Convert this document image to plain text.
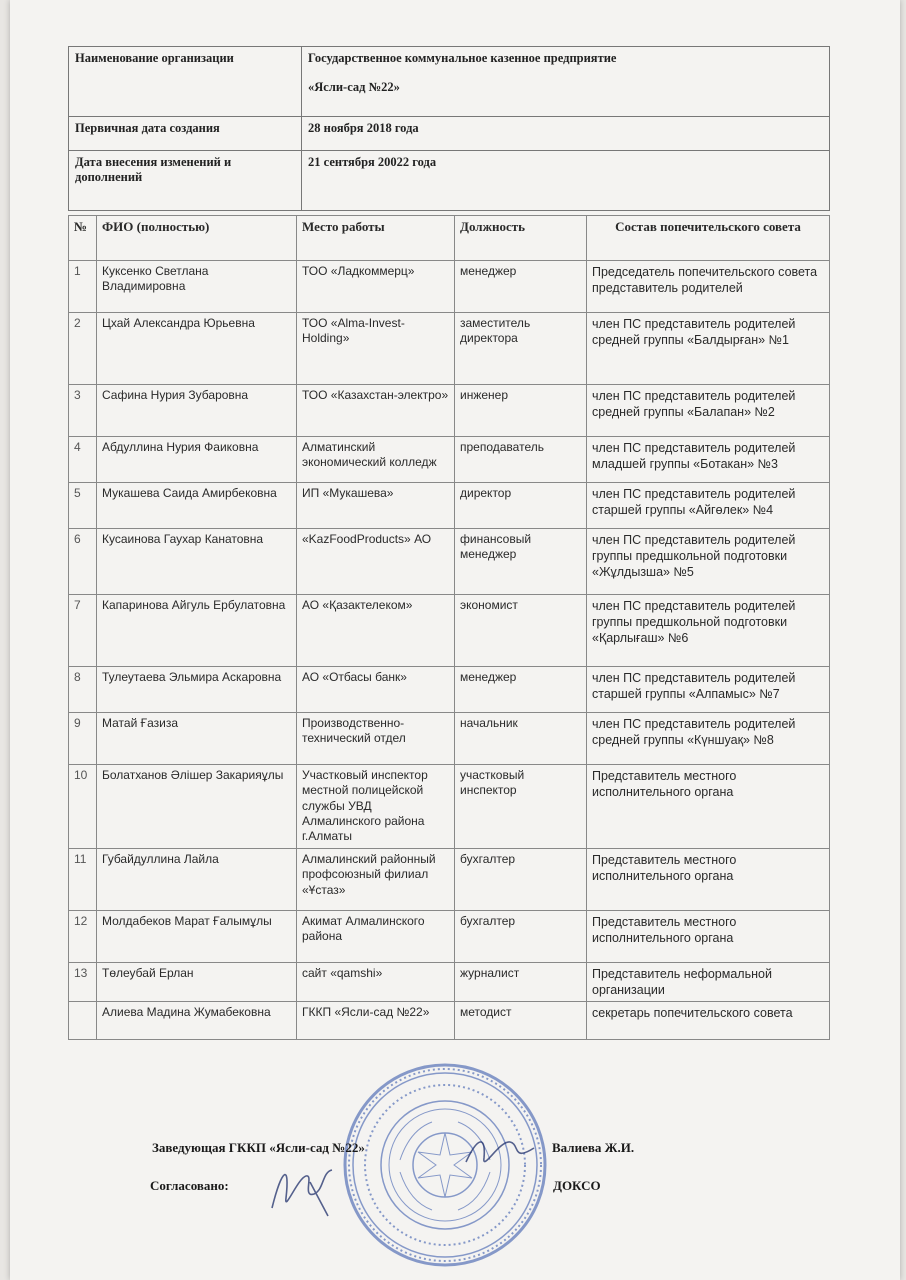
Наименование организации	Государственное коммунальное казенное предприятие
«Ясли-сад №22»

Первичная дата создания	28 ноября 2018 года
Дата внесения изменений и дополнений	21 сентября 20022 года
№	ФИО (полностью)	Место работы	Должность	Состав попечительского совета
1	Куксенко Светлана Владимировна	ТОО «Ладкоммерц»	менеджер	Председатель попечительского совета представитель родителей
2	Цхай Александра Юрьевна	ТОО «Alma-Invest-Holding»	заместитель директора	член ПС представитель родителей средней группы «Балдырған» №1
3	Сафина Нурия Зубаровна	ТОО «Казахстан-электро»	инженер	член ПС представитель родителей средней группы «Балапан» №2
4	Абдуллина Нурия Фаиковна	Алматинский экономический колледж	преподаватель	член ПС представитель родителей младшей группы «Ботакан» №3
5	Мукашева Саида Амирбековна	ИП «Мукашева»	директор	член ПС представитель родителей старшей группы «Айгөлек» №4
6	Кусаинова Гаухар Канатовна	«KazFoodProducts» АО	финансовый менеджер	член ПС представитель родителей группы предшкольной подготовки «Жұлдызша» №5
7	Капаринова Айгуль Ербулатовна	АО «Қазактелеком»	экономист	член ПС представитель родителей группы предшкольной подготовки «Қарлығаш» №6
8	Тулеутаева Эльмира Аскаровна	АО «Отбасы банк»	менеджер	член ПС представитель родителей старшей группы «Алпамыс» №7
9	Матай Ғазиза	Производственно-технический отдел	начальник	член ПС представитель родителей средней группы «Күншуақ» №8
10	Болатханов Әлішер Закарияұлы	Участковый инспектор местной полицейской службы УВД Алмалинского района г.Алматы	участковый инспектор	Представитель местного исполнительного органа
11	Губайдуллина Лайла	Алмалинский районный профсоюзный филиал «Ұстаз»	бухгалтер	Представитель местного исполнительного органа
12	Молдабеков Марат Ғалымұлы	Акимат Алмалинского района	бухгалтер	Представитель местного исполнительного органа
13	Төлеубай Ерлан	сайт «qamshi»	журналист	Представитель неформальной организации
	Алиева Мадина Жумабековна	ГККП «Ясли-сад №22»	методист	секретарь попечительского совета
Заведующая ГККП «Ясли-сад №22»	Валиева Ж.И.
Согласовано:	ДОКСО
